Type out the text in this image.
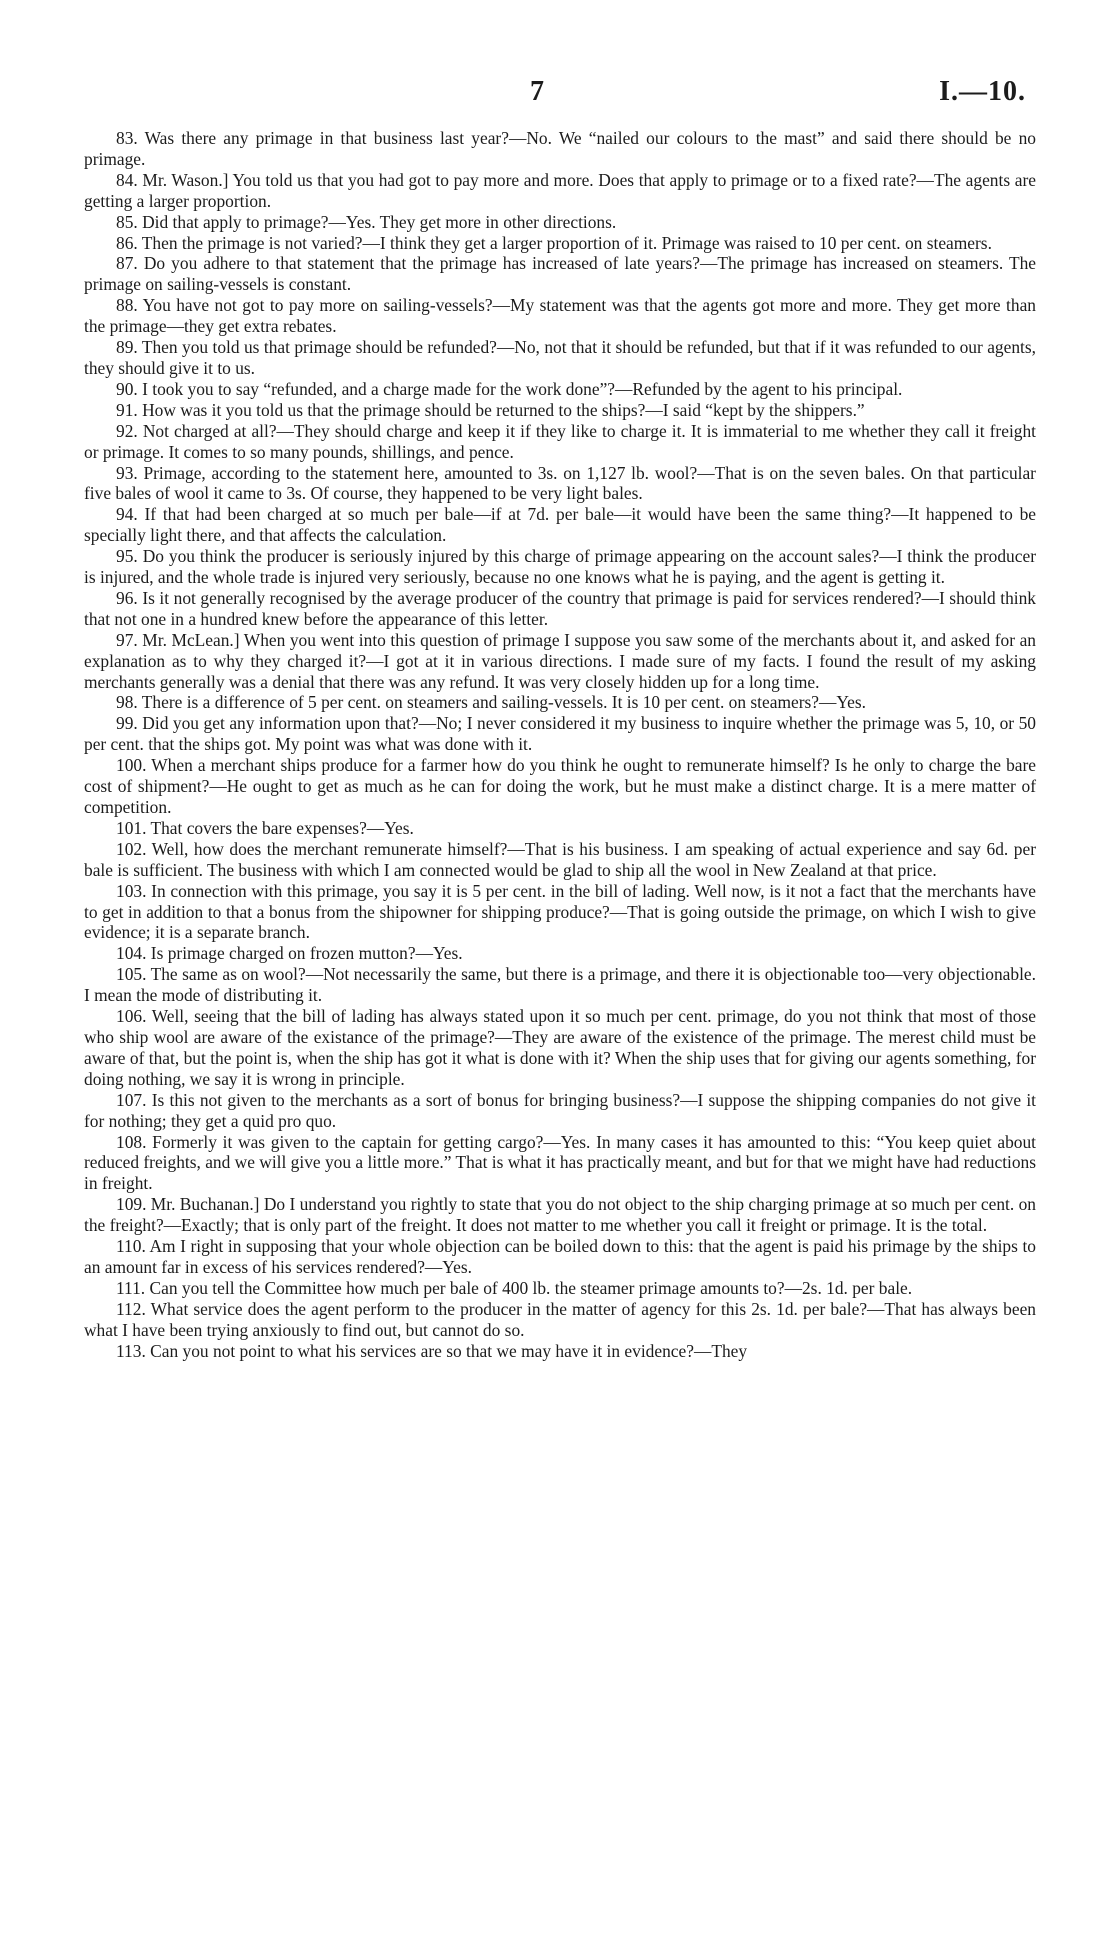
7	I.—10.

83. Was there any primage in that business last year?—No. We “nailed our colours to the mast” and said there should be no primage.

84. Mr. Wason.] You told us that you had got to pay more and more. Does that apply to primage or to a fixed rate?—The agents are getting a larger proportion.

85. Did that apply to primage?—Yes. They get more in other directions.

86. Then the primage is not varied?—I think they get a larger proportion of it. Primage was raised to 10 per cent. on steamers.

87. Do you adhere to that statement that the primage has increased of late years?—The primage has increased on steamers. The primage on sailing-vessels is constant.

88. You have not got to pay more on sailing-vessels?—My statement was that the agents got more and more. They get more than the primage—they get extra rebates.

89. Then you told us that primage should be refunded?—No, not that it should be refunded, but that if it was refunded to our agents, they should give it to us.

90. I took you to say “refunded, and a charge made for the work done”?—Refunded by the agent to his principal.

91. How was it you told us that the primage should be returned to the ships?—I said “kept by the shippers.”

92. Not charged at all?—They should charge and keep it if they like to charge it. It is immaterial to me whether they call it freight or primage. It comes to so many pounds, shillings, and pence.

93. Primage, according to the statement here, amounted to 3s. on 1,127 lb. wool?—That is on the seven bales. On that particular five bales of wool it came to 3s. Of course, they happened to be very light bales.

94. If that had been charged at so much per bale—if at 7d. per bale—it would have been the same thing?—It happened to be specially light there, and that affects the calculation.

95. Do you think the producer is seriously injured by this charge of primage appearing on the account sales?—I think the producer is injured, and the whole trade is injured very seriously, because no one knows what he is paying, and the agent is getting it.

96. Is it not generally recognised by the average producer of the country that primage is paid for services rendered?—I should think that not one in a hundred knew before the appearance of this letter.

97. Mr. McLean.] When you went into this question of primage I suppose you saw some of the merchants about it, and asked for an explanation as to why they charged it?—I got at it in various directions. I made sure of my facts. I found the result of my asking merchants generally was a denial that there was any refund. It was very closely hidden up for a long time.

98. There is a difference of 5 per cent. on steamers and sailing-vessels. It is 10 per cent. on steamers?—Yes.

99. Did you get any information upon that?—No; I never considered it my business to inquire whether the primage was 5, 10, or 50 per cent. that the ships got. My point was what was done with it.

100. When a merchant ships produce for a farmer how do you think he ought to remunerate himself? Is he only to charge the bare cost of shipment?—He ought to get as much as he can for doing the work, but he must make a distinct charge. It is a mere matter of competition.

101. That covers the bare expenses?—Yes.

102. Well, how does the merchant remunerate himself?—That is his business. I am speaking of actual experience and say 6d. per bale is sufficient. The business with which I am connected would be glad to ship all the wool in New Zealand at that price.

103. In connection with this primage, you say it is 5 per cent. in the bill of lading. Well now, is it not a fact that the merchants have to get in addition to that a bonus from the shipowner for shipping produce?—That is going outside the primage, on which I wish to give evidence; it is a separate branch.

104. Is primage charged on frozen mutton?—Yes.

105. The same as on wool?—Not necessarily the same, but there is a primage, and there it is objectionable too—very objectionable. I mean the mode of distributing it.

106. Well, seeing that the bill of lading has always stated upon it so much per cent. primage, do you not think that most of those who ship wool are aware of the existance of the primage?—They are aware of the existence of the primage. The merest child must be aware of that, but the point is, when the ship has got it what is done with it? When the ship uses that for giving our agents something, for doing nothing, we say it is wrong in principle.

107. Is this not given to the merchants as a sort of bonus for bringing business?—I suppose the shipping companies do not give it for nothing; they get a quid pro quo.

108. Formerly it was given to the captain for getting cargo?—Yes. In many cases it has amounted to this: “You keep quiet about reduced freights, and we will give you a little more.” That is what it has practically meant, and but for that we might have had reductions in freight.

109. Mr. Buchanan.] Do I understand you rightly to state that you do not object to the ship charging primage at so much per cent. on the freight?—Exactly; that is only part of the freight. It does not matter to me whether you call it freight or primage. It is the total.

110. Am I right in supposing that your whole objection can be boiled down to this: that the agent is paid his primage by the ships to an amount far in excess of his services rendered?—Yes.

111. Can you tell the Committee how much per bale of 400 lb. the steamer primage amounts to?—2s. 1d. per bale.

112. What service does the agent perform to the producer in the matter of agency for this 2s. 1d. per bale?—That has always been what I have been trying anxiously to find out, but cannot do so.

113. Can you not point to what his services are so that we may have it in evidence?—They
